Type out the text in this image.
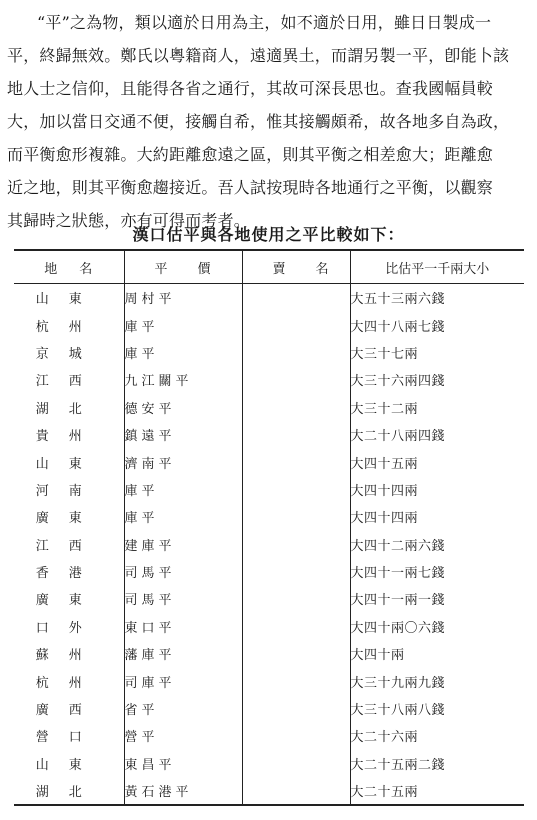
“平”之為物，類以適於日用為主，如不適於日用，雖日日製成一
平，終歸無效。鄭氏以粵籍商人，遠適異土，而謂另製一平，卽能卜該
地人士之信仰，且能得各省之通行，其故可深長思也。查我國幅員較
大，加以當日交通不便，接觸自希，惟其接觸頗希，故各地多自為政，
而平衡愈形複雜。大約距離愈遠之區，則其平衡之相差愈大；距離愈
近之地，則其平衡愈趨接近。吾人試按現時各地通行之平衡，以觀察
其歸時之狀態，亦有可得而考者。
漢口估平與各地使用之平比較如下：
地名	平價	賣名	比估平一千兩大小
山東	周村平		大五十三兩六錢
杭州	庫平		大四十八兩七錢
京城	庫平		大三十七兩
江西	九江關平		大三十六兩四錢
湖北	德安平		大三十二兩
貴州	鎮遠平		大二十八兩四錢
山東	濟南平		大四十五兩
河南	庫平		大四十四兩
廣東	庫平		大四十四兩
江西	建庫平		大四十二兩六錢
香港	司馬平		大四十一兩七錢
廣東	司馬平		大四十一兩一錢
口外	東口平		大四十兩〇六錢
蘇州	藩庫平		大四十兩
杭州	司庫平		大三十九兩九錢
廣西	省平		大三十八兩八錢
營口	營平		大二十六兩
山東	東昌平		大二十五兩二錢
湖北	黃石港平		大二十五兩
